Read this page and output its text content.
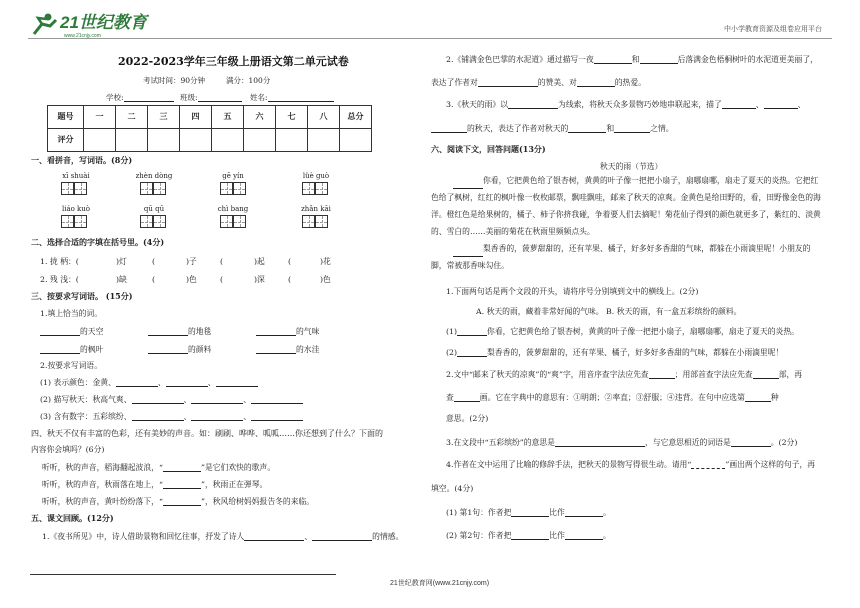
21世纪教育
www.21cnjy.com
中小学教育资源及组卷应用平台
2022-2023学年三年级上册语文第二单元试卷
考试时间：90分钟	满分：100分
学校:	班级:	姓名:
题号	一	二	三	四	五	六	七	八	总分
评分									
一、看拼音，写词语。(8分)
xī shuài	zhèn dòng	gē yín	lüè guò
liáo kuò	qū qū	chì bang	zhǎn kāi
二、选择合适的字填在括号里。(4分)
1. 拢 柄：(	)灯	(	)子	(	)起	(	)花
2. 残 浅：(	)缺	(	)色	(	)深	(	)色
三、按要求写词语。 (15分)
1.填上恰当的词。
的天空	的地毯	的气味
的枫叶	的颜料	的水洼
2.按要求写词语。
(1) 表示颜色：金黄、	、	、
(2) 描写秋天：秋高气爽、	、	、
(3) 含有数字：五彩缤纷、	、	、
四、秋天不仅有丰富的色彩，还有美妙的声音。如：刷刷、哗哗、呱呱……你还想到了什么？下面的
内容你会填吗？(6分)
听听，秋的声音，稻海翻起波浪，“	”是它们欢快的歌声。
听听，秋的声音，秋雨落在地上，“	”，秋雨正在弹琴。
听听，秋的声音，黄叶纷纷落下，“	”，秋风给树妈妈报告冬的来临。
五、课文回顾。(12分)
1.《夜书所见》中，诗人借助景物和回忆往事，抒发了诗人	、	的情感。
2.《铺满金色巴掌的水泥道》通过描写一夜	和	后落满金色梧桐树叶的水泥道更美丽了，
表达了作者对	的赞美、对	的热爱。
3.《秋天的雨》以	为线索，将秋天众多景物巧妙地串联起来，描了	、	、
的秋天，表达了作者对秋天的	和	之情。
六、阅读下文，回答问题(13分)
秋天的雨（节选）
你看，它把黄色给了银杏树，黄黄的叶子像一把把小扇子，扇哪扇哪，扇走了夏天的炎热。它把红色给了枫树，红红的枫叶像一枚枚邮票，飘哇飘哇，邮来了秋天的凉爽。金黄色是给田野的，看，田野像金色的海洋。橙红色是给果树的，橘子、柿子你挤我碰，争着要人们去摘呢！菊花仙子得到的颜色就更多了，紫红的、淡黄的、雪白的……美丽的菊花在秋雨里频频点头。
梨香香的，菠萝甜甜的，还有苹果、橘子，好多好多香甜的气味，都躲在小雨滴里呢！小朋友的脚，常被那香味勾住。
1.下面两句话是两个文段的开头，请将序号分别填到文中的横线上。(2分)
A. 秋天的雨，藏着非常好闻的气味。 B. 秋天的雨，有一盒五彩缤纷的颜料。
(1)	你看，它把黄色给了银杏树，黄黄的叶子像一把把小扇子，扇哪扇哪，扇走了夏天的炎热。
(2)	梨香香的，菠萝甜甜的，还有苹果、橘子，好多好多香甜的气味，都躲在小雨滴里呢！
2.文中“邮来了秋天的凉爽”的“爽”字，用音序查字法应先查	；用部首查字法应先查	部，再
查	画。它在字典中的意思有：①明朗；②率直；③舒服；④违背。在句中应选第	种
意思。(2分)
3.在文段中“五彩缤纷”的意思是	，与它意思相近的词语是	。(2分)
4.作者在文中运用了比喻的修辞手法，把秋天的景物写得很生动。请用“	”画出两个这样的句子，再
填空。(4分)
(1) 第1句：作者把	比作	。
(2) 第2句：作者把	比作	。
21世纪教育网(www.21cnjy.com)
